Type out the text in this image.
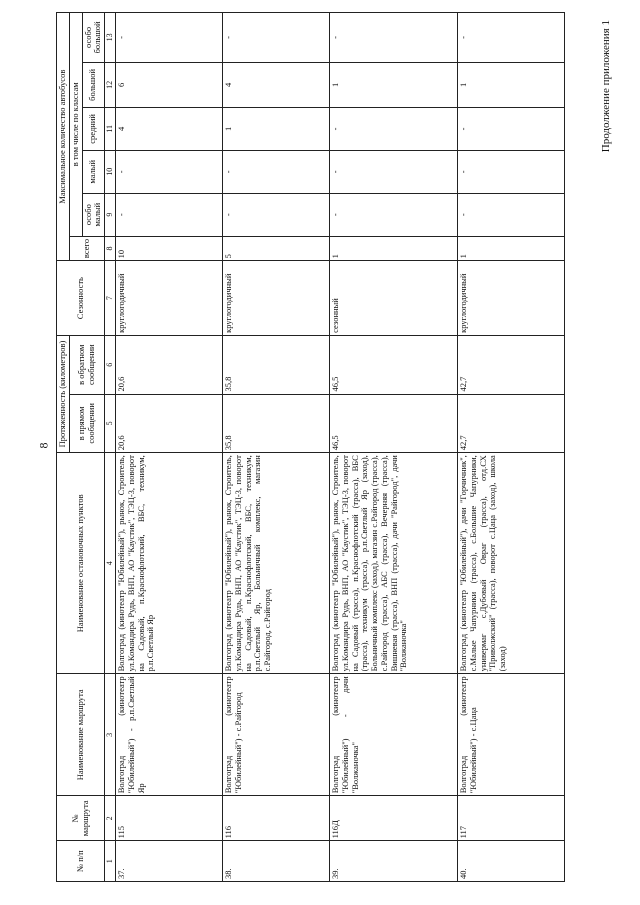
8
Продолжение приложения 1
№ п/п	№ маршрута	Наименование маршрута	Наименование остановочных пунктов	Протяженность (километров)		Сезонность	Максимальное количество автобусов					
				в прямом сообщении	в обратном сообщении		всего	в том числе по классам				
								особо малый	малый	средний	большой	особо большой
1	2	3	4	5	6	7	8	9	10	11	12	13
37.	115	Волгоград (кинотеатр "Юбилейный") - р.п.Светлый Яр	Волгоград (кинотеатр "Юбилейный"), рынок, Строитель, ул.Командира Рудь, ВНП, АО "Каустик", ТЭЦ-3, поворот на Садовый, п.Краснофлотский, ВБС, техникум, р.п.Светлый Яр	20,6	20,6	круглогодичный	10	-	-	4	6	-
38.	116	Волгоград (кинотеатр "Юбилейный") - с.Райгород	Волгоград (кинотеатр "Юбилейный"), рынок, Строитель, ул.Командира Рудь, ВНП, АО "Каустик", ТЭЦ-3, поворот на Садовый, п.Краснофлотский, ВБС, техникум, р.п.Светлый Яр, Больничный комплекс, магазин с.Райгород, с.Райгород	35,8	35,8	круглогодичный	5	-	-	1	4	-
39.	116Д	Волгоград (кинотеатр "Юбилейный") - дачи "Волжаночка"	Волгоград (кинотеатр "Юбилейный"), рынок, Строитель, ул.Командира Рудь, ВНП, АО "Каустик", ТЭЦ-3, поворот на Садовый (трасса), п.Краснофлотский (трасса), ВБС (трасса), техникум (трасса), р.п.Светлый Яр (заход), Больничный комплекс (заход), магазин с.Райгород (трасса), с.Райгород (трасса), АБС (трасса), Вечерняя (трасса), Вишневая (трасса), ВНП (трасса), дачи "Райгород", дачи "Волжаночка"	46,5	46,5	сезонный	1	-	-	-	1	-
40.	117	Волгоград (кинотеатр "Юбилейный") - с.Цаца	Волгоград (кинотеатр "Юбилейный"), дачи "Горчичник", с.Малые Чапурники (трасса), с.Большие Чапурники, универмаг с.Дубовый Овраг (трасса), отд.СХ "Приволжский" (трасса), поворот с.Цаца (заход), школа (заход)	42,7	42,7	круглогодичный	1	-	-	-	1	-
